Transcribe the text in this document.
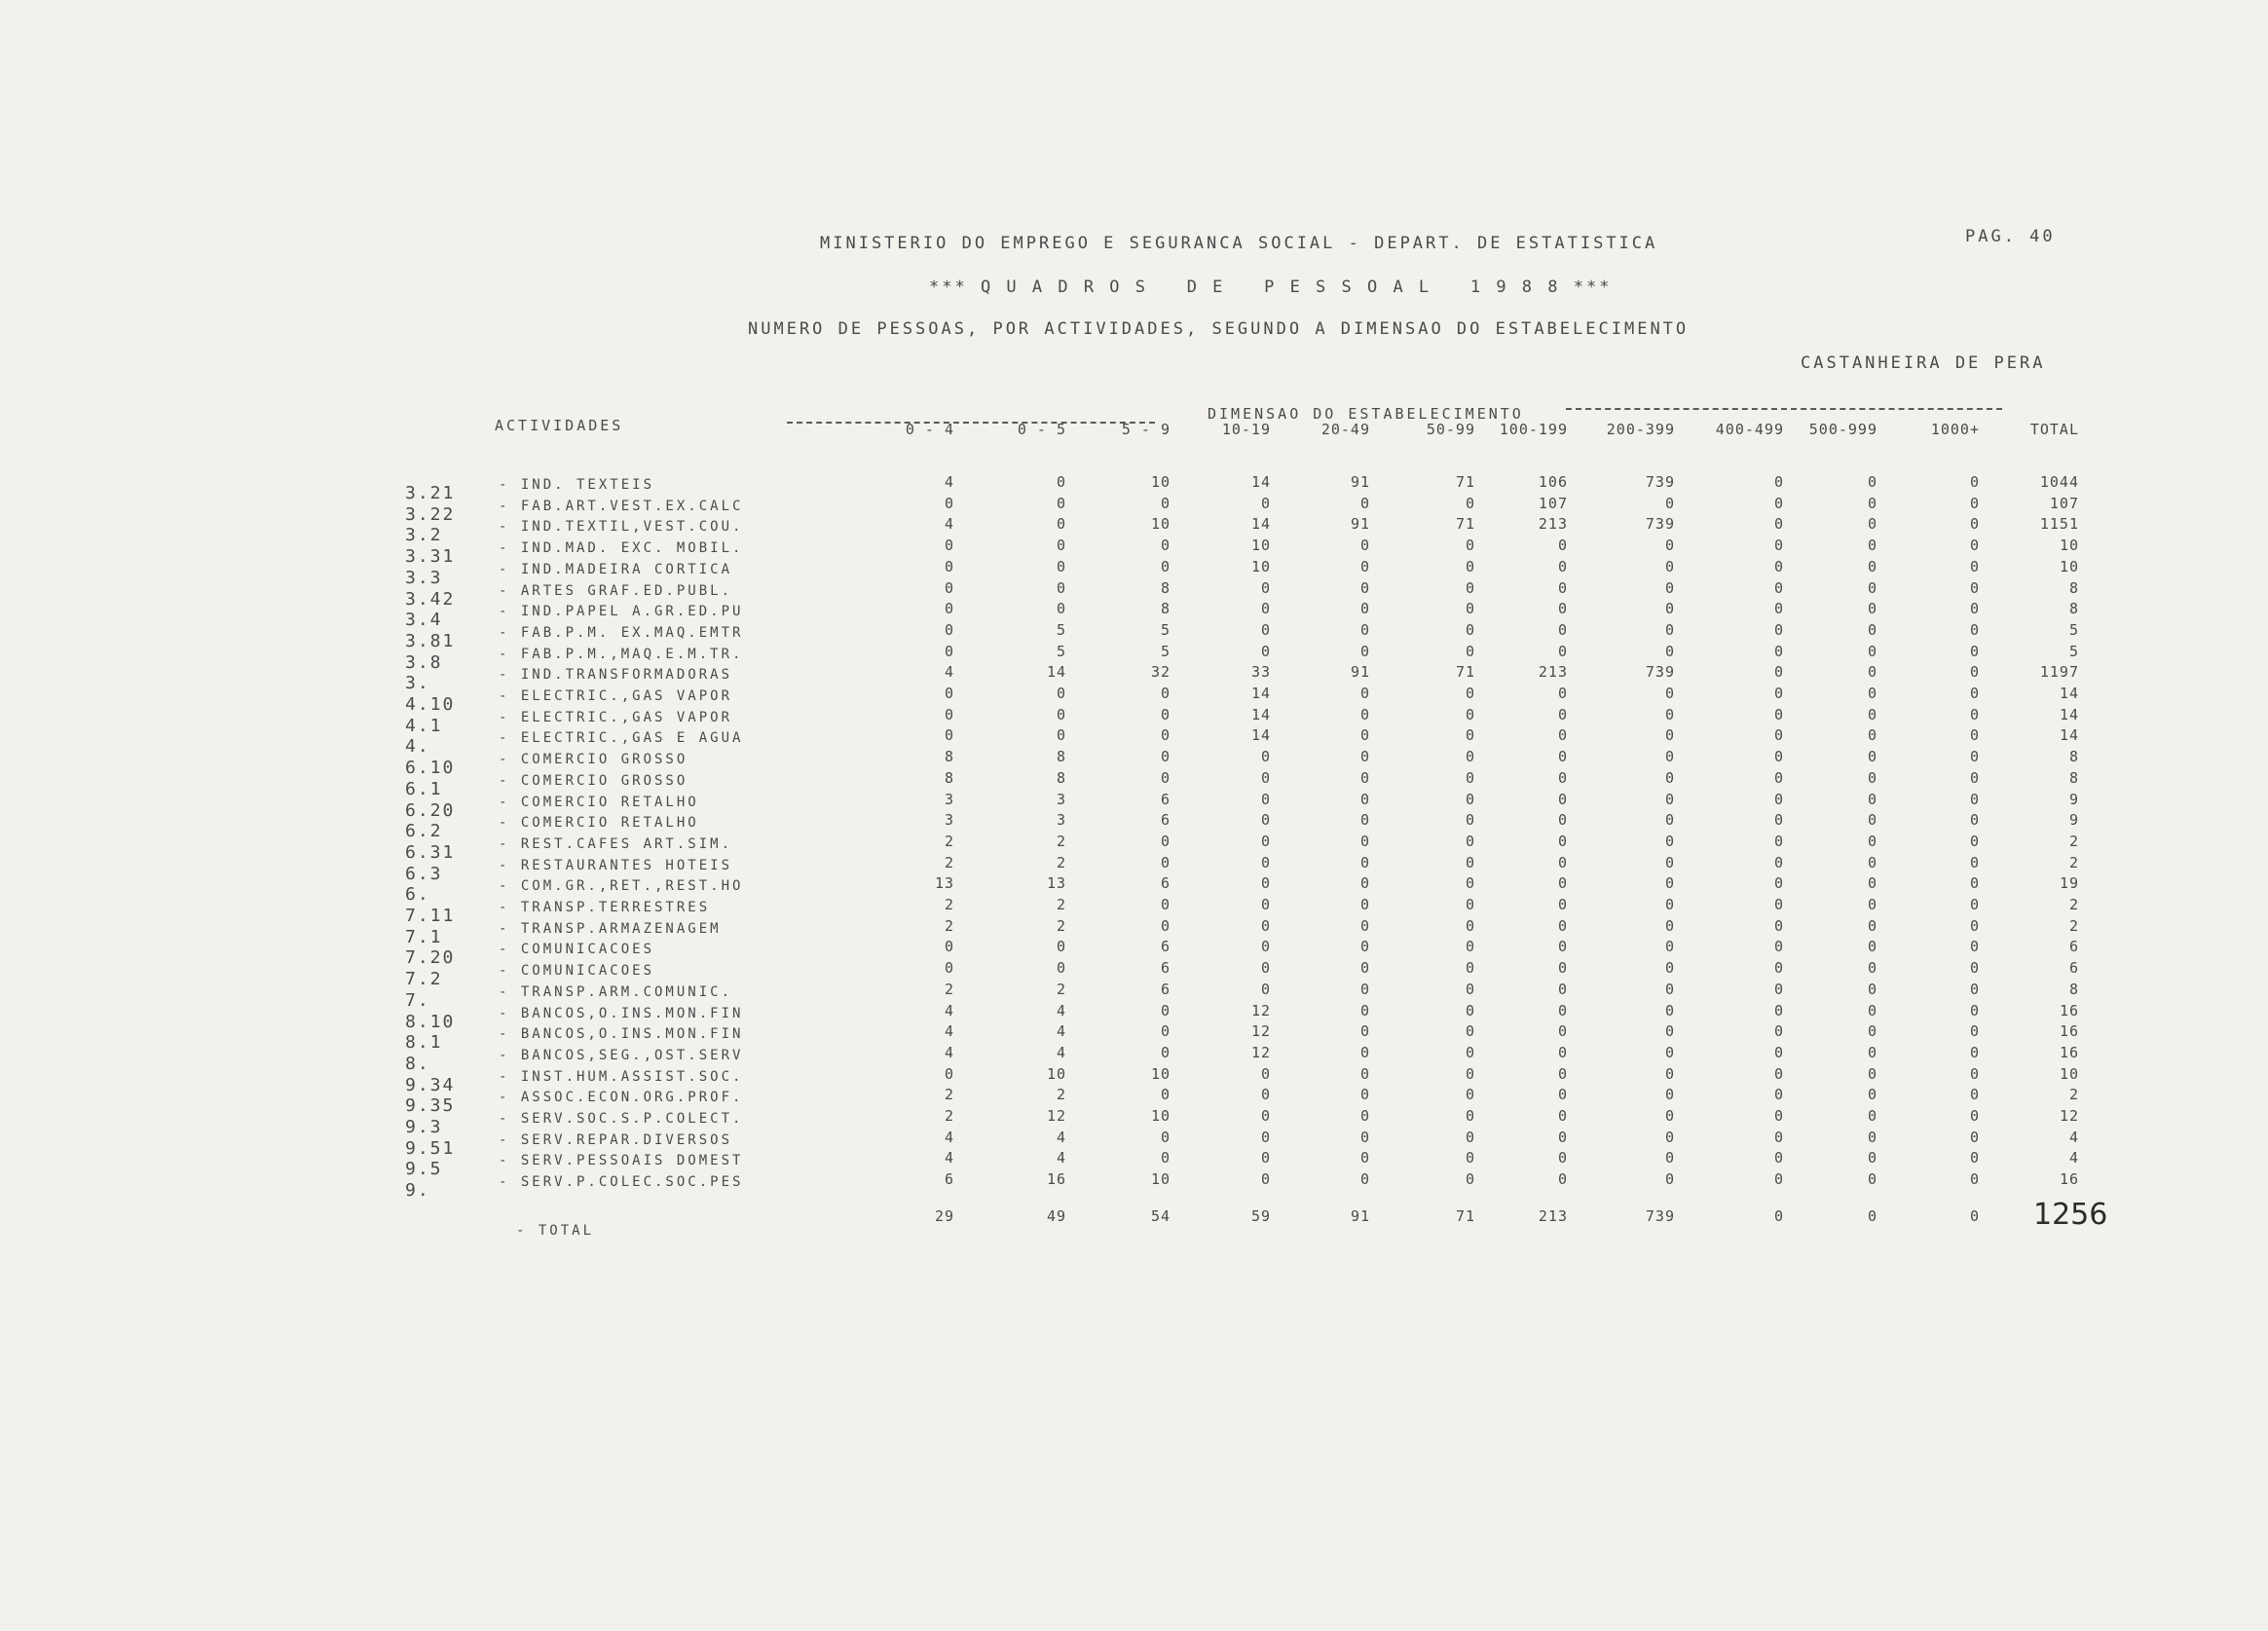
MINISTERIO DO EMPREGO E SEGURANCA SOCIAL - DEPART. DE ESTATISTICA	PAG. 40
*** Q U A D R O S   D E   P E S S O A L   1 9 8 8 ***
NUMERO DE PESSOAS, POR ACTIVIDADES, SEGUNDO A DIMENSAO DO ESTABELECIMENTO
CASTANHEIRA DE PERA
ACTIVIDADES
DIMENSAO DO ESTABELECIMENTO
0 - 4	0 - 5	5 - 9	10-19	20-49	50-99	100-199	200-399	400-499	500-999	1000+	TOTAL
3.21	- IND. TEXTEIS	4	0	10	14	91	71	106	739	0	0	0	1044
3.22	- FAB.ART.VEST.EX.CALC	0	0	0	0	0	0	107	0	0	0	0	107
3.2	- IND.TEXTIL,VEST.COU.	4	0	10	14	91	71	213	739	0	0	0	1151
3.31	- IND.MAD. EXC. MOBIL.	0	0	0	10	0	0	0	0	0	0	0	10
3.3	- IND.MADEIRA CORTICA	0	0	0	10	0	0	0	0	0	0	0	10
3.42	- ARTES GRAF.ED.PUBL.	0	0	8	0	0	0	0	0	0	0	0	8
3.4	- IND.PAPEL A.GR.ED.PU	0	0	8	0	0	0	0	0	0	0	0	8
3.81	- FAB.P.M. EX.MAQ.EMTR	0	5	5	0	0	0	0	0	0	0	0	5
3.8	- FAB.P.M.,MAQ.E.M.TR.	0	5	5	0	0	0	0	0	0	0	0	5
3.	- IND.TRANSFORMADORAS	4	14	32	33	91	71	213	739	0	0	0	1197
4.10	- ELECTRIC.,GAS VAPOR	0	0	0	14	0	0	0	0	0	0	0	14
4.1	- ELECTRIC.,GAS VAPOR	0	0	0	14	0	0	0	0	0	0	0	14
4.	- ELECTRIC.,GAS E AGUA	0	0	0	14	0	0	0	0	0	0	0	14
6.10	- COMERCIO GROSSO	8	8	0	0	0	0	0	0	0	0	0	8
6.1	- COMERCIO GROSSO	8	8	0	0	0	0	0	0	0	0	0	8
6.20	- COMERCIO RETALHO	3	3	6	0	0	0	0	0	0	0	0	9
6.2	- COMERCIO RETALHO	3	3	6	0	0	0	0	0	0	0	0	9
6.31	- REST.CAFES ART.SIM.	2	2	0	0	0	0	0	0	0	0	0	2
6.3	- RESTAURANTES HOTEIS	2	2	0	0	0	0	0	0	0	0	0	2
6.	- COM.GR.,RET.,REST.HO	13	13	6	0	0	0	0	0	0	0	0	19
7.11	- TRANSP.TERRESTRES	2	2	0	0	0	0	0	0	0	0	0	2
7.1	- TRANSP.ARMAZENAGEM	2	2	0	0	0	0	0	0	0	0	0	2
7.20	- COMUNICACOES	0	0	6	0	0	0	0	0	0	0	0	6
7.2	- COMUNICACOES	0	0	6	0	0	0	0	0	0	0	0	6
7.	- TRANSP.ARM.COMUNIC.	2	2	6	0	0	0	0	0	0	0	0	8
8.10	- BANCOS,O.INS.MON.FIN	4	4	0	12	0	0	0	0	0	0	0	16
8.1	- BANCOS,O.INS.MON.FIN	4	4	0	12	0	0	0	0	0	0	0	16
8.	- BANCOS,SEG.,OST.SERV	4	4	0	12	0	0	0	0	0	0	0	16
9.34	- INST.HUM.ASSIST.SOC.	0	10	10	0	0	0	0	0	0	0	0	10
9.35	- ASSOC.ECON.ORG.PROF.	2	2	0	0	0	0	0	0	0	0	0	2
9.3	- SERV.SOC.S.P.COLECT.	2	12	10	0	0	0	0	0	0	0	0	12
9.51	- SERV.REPAR.DIVERSOS	4	4	0	0	0	0	0	0	0	0	0	4
9.5	- SERV.PESSOAIS DOMEST	4	4	0	0	0	0	0	0	0	0	0	4
9.	- SERV.P.COLEC.SOC.PES	6	16	10	0	0	0	0	0	0	0	0	16
- TOTAL
29	49	54	59	91	71	213	739	0	0	0 1256
